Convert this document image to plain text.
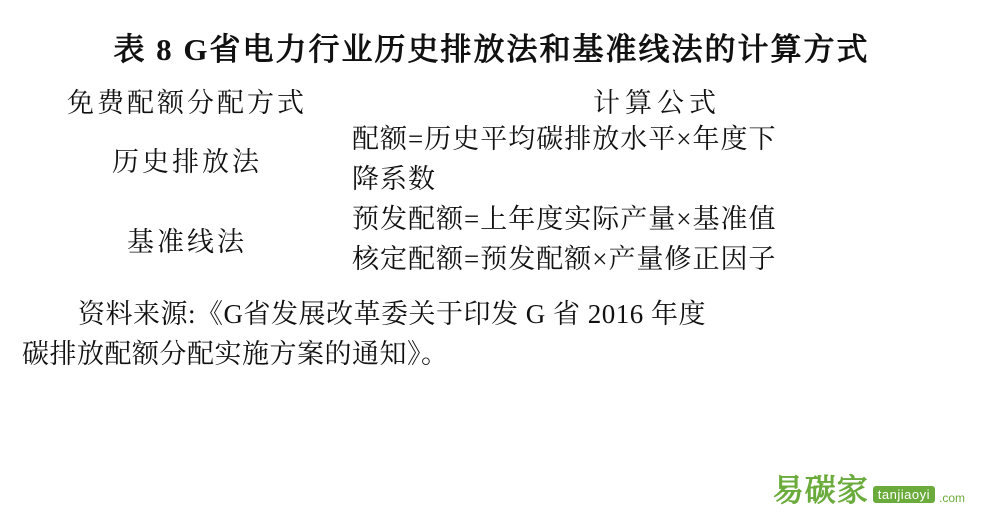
表 8 G省电力行业历史排放法和基准线法的计算方式
免费配额分配方式	计算公式
历史排放法	配额=历史平均碳排放水平×年度下
降系数

基准线法	预发配额=上年度实际产量×基准值
核定配额=预发配额×产量修正因子

资料来源:《G省发展改革委关于印发 G 省 2016 年度
碳排放配额分配实施方案的通知》。
易碳家 tanjiaoyi .com
